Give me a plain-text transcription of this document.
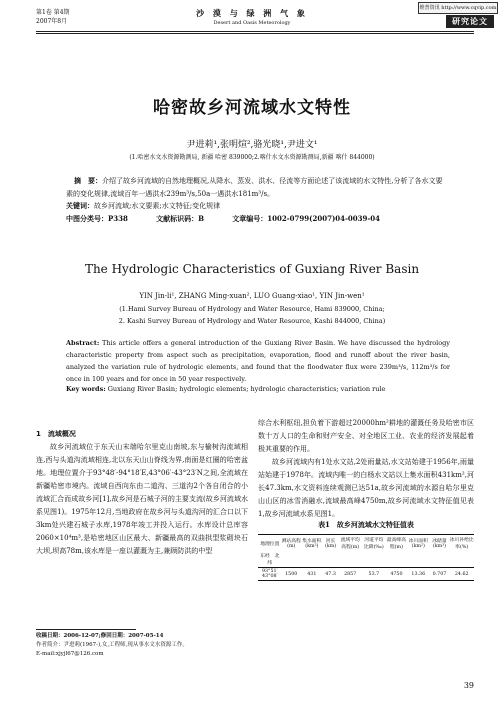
第1卷 第4期
2007年8月
沙 漠 与 绿 洲 气 象
Desert and Oasis Meteorology
维普资讯 http://www.cqvip.com
研究论文
哈密故乡河流域水文特性
尹进莉¹,张明煊²,骆光晓¹,尹进文¹
(1.哈密水文水资源勘测局, 新疆 哈密 839000;2.喀什水文水资源勘测局,新疆 喀什 844000)
摘　要：介绍了故乡河流域的自然地理概况,从降水、蒸发、洪水、径流等方面论述了该流域的水文特性,分析了各水文要素的变化规律,流域百年一遇洪水239m³/s,50a一遇洪水181m³/s。
关键词：故乡河流域;水文要素;水文特征;变化规律
中图分类号：P338	文献标识码：B	文章编号：1002-0799(2007)04-0039-04
The Hydrologic Characteristics of Guxiang River Basin
YIN Jin-li¹, ZHANG Ming-xuan², LUO Guang-xiao¹, YIN Jin-wen¹
(1.Hami Survey Bureau of Hydrology and Water Resource, Hami 839000, China;
2. Kashi Survey Bureau of Hydrology and Water Resource, Kashi 844000, China)
Abstract: This article offers a general introduction of the Guxiang River Basin. We have discussed the hydrology characteristic property from aspect such as precipitation, evaporation, flood and runoff about the river basin, analyzed the variation rule of hydrologic elements, and found that the floodwater flux were 239m³/s, 112m³/s for once in 100 years and for once in 50 year respectively.
Key words: Guxiang River Basin; hydrologic elements; hydrologic characteristics; variation rule
1　流域概况
故乡河流域位于东天山末端哈尔里克山南坡,东与榆树沟流域相连,西与头道沟流域相连,北以东天山山脊线为界,南面是红圈的哈密盆地。地理位置介于93°48′-94°18′E,43°06′-43°23′N之间,全流域在新疆哈密市境内。流域自西向东由二道沟、三道沟2个各自闭合的小流域汇合而成故乡河[1],故乡河是石城子河的主要支流(故乡河流域水系见图1)。1975年12月,当地政府在故乡河与头道沟河的汇合口以下3km处兴建石城子水库,1978年竣工并投入运行。水库设计总库容2060×10⁴m³,是哈密地区山区最大、新疆最高的双曲拱型浆砌块石大坝,坝高78m,该水库是一座以灌溉为主,兼顾防洪的中型
综合水利枢纽,担负着下游超过20000hm²耕地的灌溉任务及哈密市区数十万人口的生命和财产安全、对全地区工业、农业的经济发展起着极其重要的作用。
故乡河流域内有1处水文站,2处雨量站,水文站始建于1956年,雨量站始建于1978年。流域内唯一的白杨水文站以上集水面积431km²,河长47.3km,水文资料连续观测已达51a,故乡河流域的水源自哈尔里克山山区的冰雪消融水,流域最高峰4750m,故乡河流域水文特征值见表1,故乡河流域水系见图1。
表1　故乡河流域水文特征值表
地理位置	测站高程(m)	集水面积(km²)	河长(km)	流域平均高程(m)	河道平均比降(‰)	最高峰高程(m)	冰川面积(km²)	冰储量(km³)	冰川补给比率(%)
东经　北纬									
93°51′ 43°08′	1500	431	47.3	2857	53.7	4750	13.36	0.707	24.62
收稿日期：2006-12-07;修回日期：2007-05-14
作者简介：尹进莉(1967-),女,工程师,现从事水文水资源工作。
E-mail:xjyjl67@126.com
39
